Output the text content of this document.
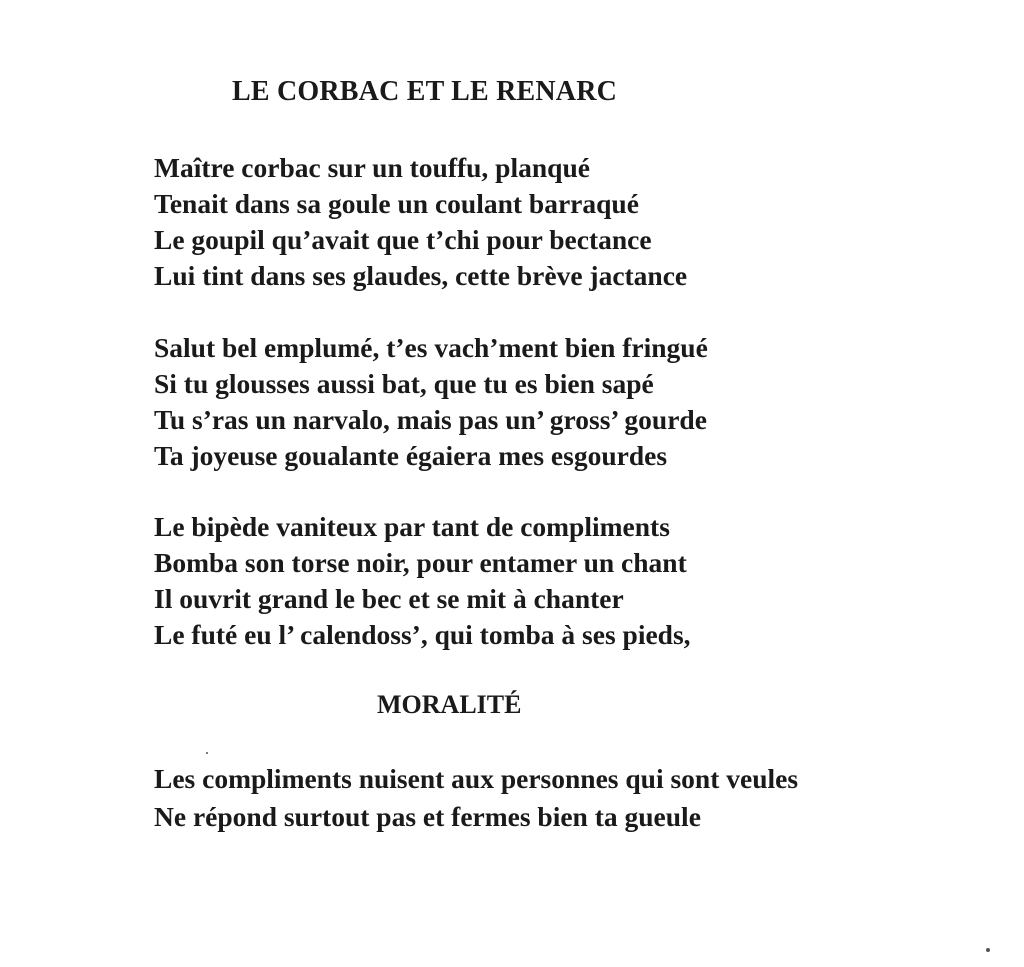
LE CORBAC ET LE RENARC
Maître corbac sur un touffu, planqué
Tenait dans sa goule un coulant barraqué
Le goupil qu’avait que t’chi pour bectance
Lui tint dans ses glaudes, cette brève jactance
Salut bel emplumé, t’es vach’ment bien fringué
Si tu glousses aussi bat, que tu es bien sapé
Tu s’ras un narvalo, mais pas un’ gross’ gourde
Ta joyeuse goualante égaiera mes esgourdes
Le bipède vaniteux par tant de compliments
Bomba son torse noir, pour entamer un chant
Il ouvrit grand le bec et se mit à chanter
Le futé eu l’ calendoss’, qui tomba à ses pieds,
MORALITÉ
Les compliments nuisent aux personnes qui sont veules
Ne répond surtout pas et fermes bien ta gueule
